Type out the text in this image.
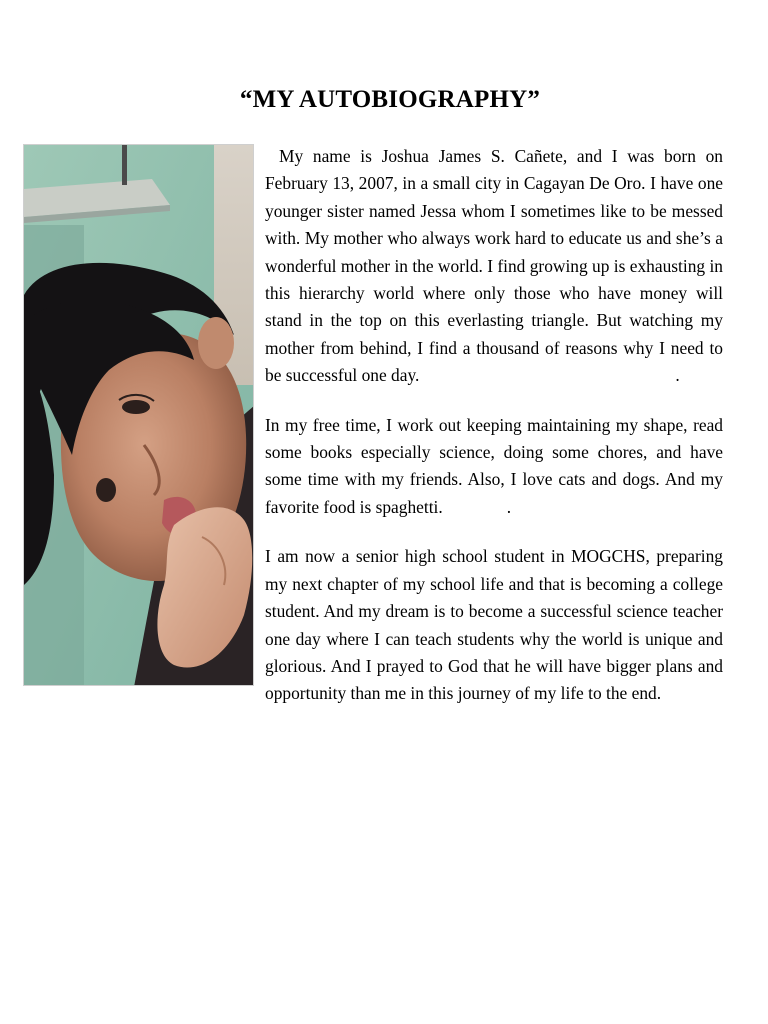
“MY AUTOBIOGRAPHY”

My name is Joshua James S. Cañete, and I was born on February 13, 2007, in a small city in Cagayan De Oro. I have one younger sister named Jessa whom I sometimes like to be messed with. My mother who always work hard to educate us and she’s a wonderful mother in the world. I find growing up is exhausting in this hierarchy world where only those who have money will stand in the top on this everlasting triangle. But watching my mother from behind, I find a thousand of reasons why I need to be successful one day.	.

In my free time, I work out keeping maintaining my shape, read some books especially science, doing some chores, and have some time with my friends. Also, I love cats and dogs. And my favorite food is spaghetti.	.

I am now a senior high school student in MOGCHS, preparing my next chapter of my school life and that is becoming a college student. And my dream is to become a successful science teacher one day where I can teach students why the world is unique and glorious. And I prayed to God that he will have bigger plans and opportunity than me in this journey of my life to the end.
